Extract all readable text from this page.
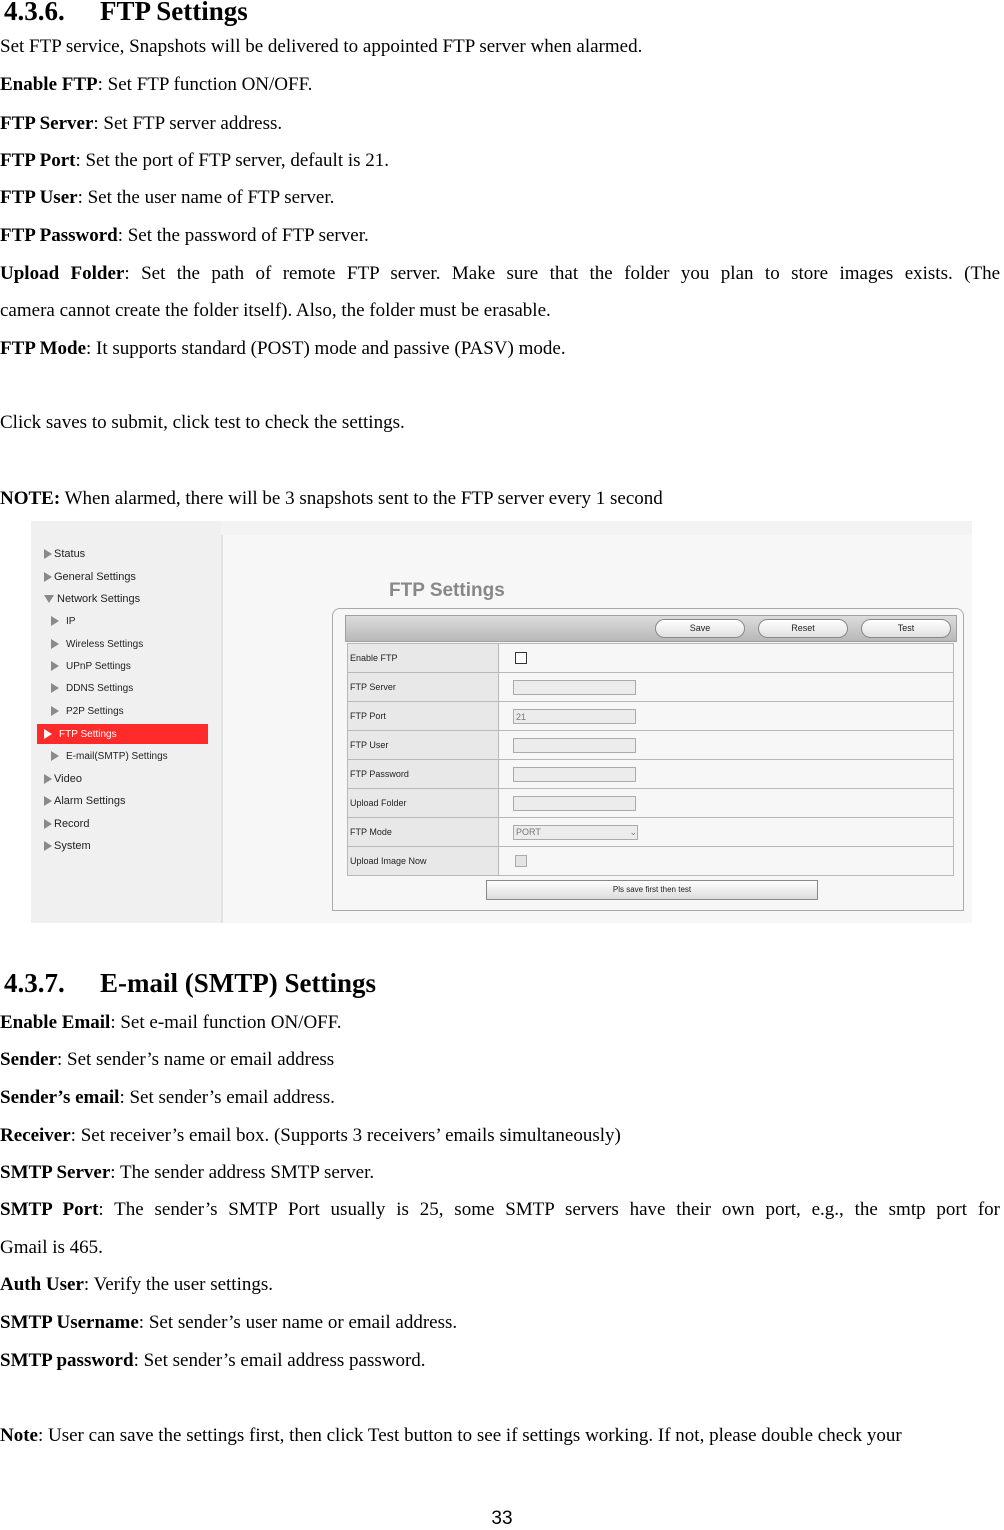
4.3.6. FTP Settings
Set FTP service, Snapshots will be delivered to appointed FTP server when alarmed.
Enable FTP: Set FTP function ON/OFF.
FTP Server: Set FTP server address.
FTP Port: Set the port of FTP server, default is 21.
FTP User: Set the user name of FTP server.
FTP Password: Set the password of FTP server.
Upload Folder: Set the path of remote FTP server. Make sure that the folder you plan to store images exists. (The
camera cannot create the folder itself). Also, the folder must be erasable.
FTP Mode: It supports standard (POST) mode and passive (PASV) mode.
Click saves to submit, click test to check the settings.
NOTE: When alarmed, there will be 3 snapshots sent to the FTP server every 1 second
Status
General Settings
Network Settings
IP
Wireless Settings
UPnP Settings
DDNS Settings
P2P Settings
FTP Settings
E-mail(SMTP) Settings
Video
Alarm Settings
Record
System
FTP Settings
Save	Reset	Test
Enable FTP	

FTP Server	

FTP Port	21

FTP User	

FTP Password	

Upload Folder	

FTP Mode	PORT ⌄

Upload Image Now	
Pls save first then test
4.3.7. E-mail (SMTP) Settings
Enable Email: Set e-mail function ON/OFF.
Sender: Set sender’s name or email address
Sender’s email: Set sender’s email address.
Receiver: Set receiver’s email box. (Supports 3 receivers’ emails simultaneously)
SMTP Server: The sender address SMTP server.
SMTP Port: The sender’s SMTP Port usually is 25, some SMTP servers have their own port, e.g., the smtp port for
Gmail is 465.
Auth User: Verify the user settings.
SMTP Username: Set sender’s user name or email address.
SMTP password: Set sender’s email address password.
Note: User can save the settings first, then click Test button to see if settings working. If not, please double check your
33
